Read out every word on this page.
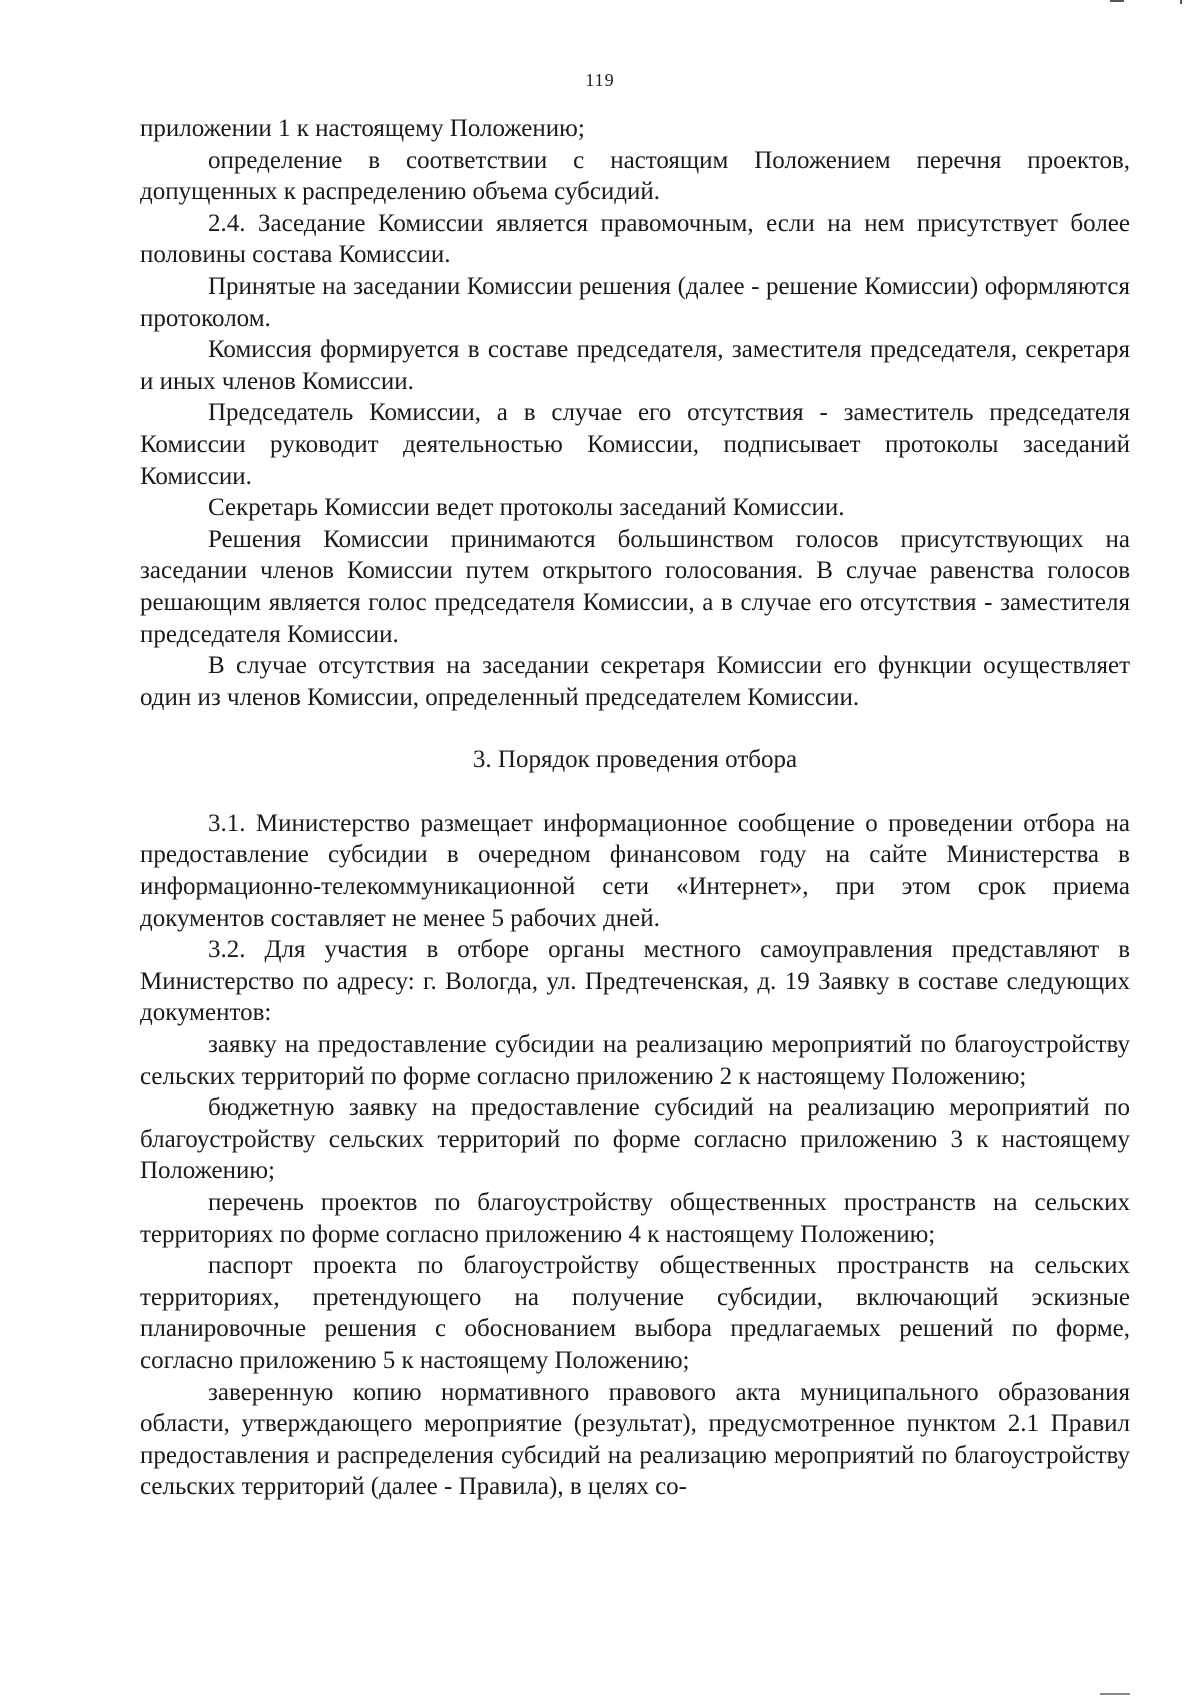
119

приложении 1 к настоящему Положению;

определение в соответствии с настоящим Положением перечня проектов, допущенных к распределению объема субсидий.

2.4. Заседание Комиссии является правомочным, если на нем присутствует более половины состава Комиссии.

Принятые на заседании Комиссии решения (далее - решение Комиссии) оформляются протоколом.

Комиссия формируется в составе председателя, заместителя председателя, секретаря и иных членов Комиссии.

Председатель Комиссии, а в случае его отсутствия - заместитель председателя Комиссии руководит деятельностью Комиссии, подписывает протоколы заседаний Комиссии.

Секретарь Комиссии ведет протоколы заседаний Комиссии.

Решения Комиссии принимаются большинством голосов присутствующих на заседании членов Комиссии путем открытого голосования. В случае равенства голосов решающим является голос председателя Комиссии, а в случае его отсутствия - заместителя председателя Комиссии.

В случае отсутствия на заседании секретаря Комиссии его функции осуществляет один из членов Комиссии, определенный председателем Комиссии.

3. Порядок проведения отбора

3.1. Министерство размещает информационное сообщение о проведении отбора на предоставление субсидии в очередном финансовом году на сайте Министерства в информационно-телекоммуникационной сети «Интернет», при этом срок приема документов составляет не менее 5 рабочих дней.

3.2. Для участия в отборе органы местного самоуправления представляют в Министерство по адресу: г. Вологда, ул. Предтеченская, д. 19 Заявку в составе следующих документов:

заявку на предоставление субсидии на реализацию мероприятий по благоустройству сельских территорий по форме согласно приложению 2 к настоящему Положению;

бюджетную заявку на предоставление субсидий на реализацию мероприятий по благоустройству сельских территорий по форме согласно приложению 3 к настоящему Положению;

перечень проектов по благоустройству общественных пространств на сельских территориях по форме согласно приложению 4 к настоящему Положению;

паспорт проекта по благоустройству общественных пространств на сельских территориях, претендующего на получение субсидии, включающий эскизные планировочные решения с обоснованием выбора предлагаемых решений по форме, согласно приложению 5 к настоящему Положению;

заверенную копию нормативного правового акта муниципального образования области, утверждающего мероприятие (результат), предусмотренное пунктом 2.1 Правил предоставления и распределения субсидий на реализацию мероприятий по благоустройству сельских территорий (далее - Правила), в целях со-
